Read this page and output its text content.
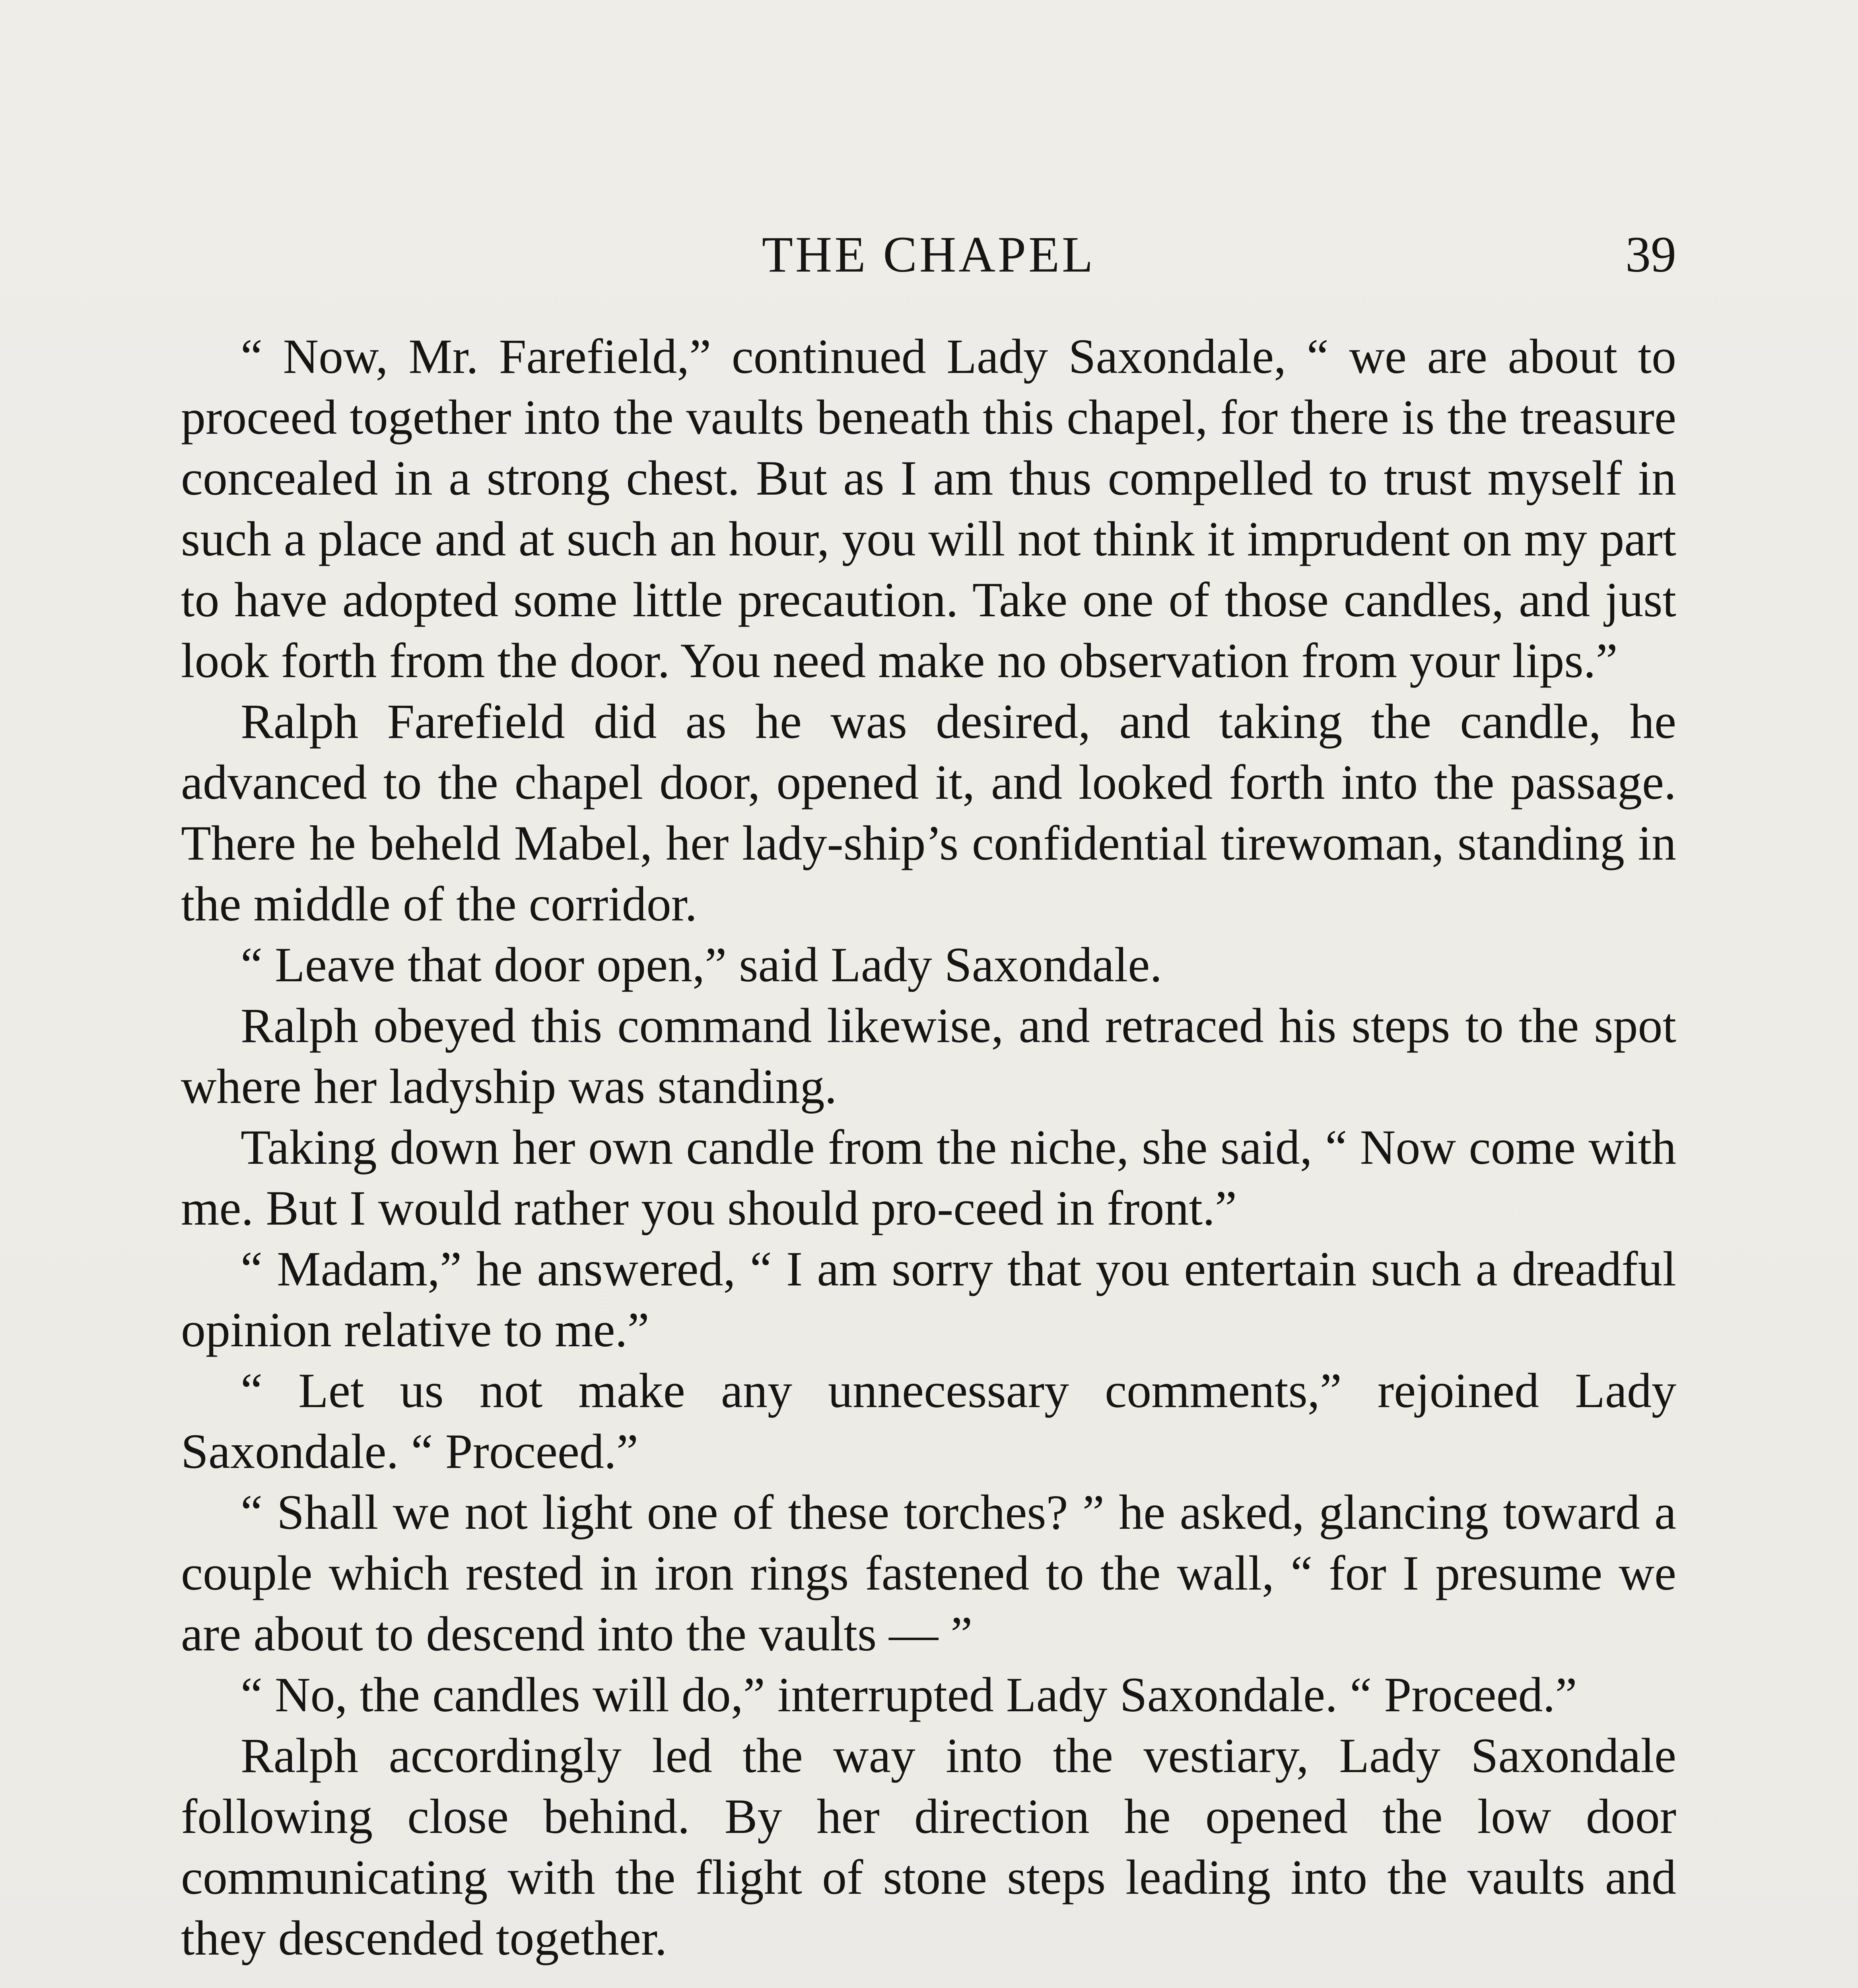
THE CHAPEL	39

“ Now, Mr. Farefield,” continued Lady Saxondale, “ we are about to proceed together into the vaults beneath this chapel, for there is the treasure concealed in a strong chest. But as I am thus compelled to trust myself in such a place and at such an hour, you will not think it imprudent on my part to have adopted some little precaution. Take one of those candles, and just look forth from the door. You need make no observation from your lips.”

Ralph Farefield did as he was desired, and taking the candle, he advanced to the chapel door, opened it, and looked forth into the passage. There he beheld Mabel, her lady-ship’s confidential tirewoman, standing in the middle of the corridor.

“ Leave that door open,” said Lady Saxondale.

Ralph obeyed this command likewise, and retraced his steps to the spot where her ladyship was standing.

Taking down her own candle from the niche, she said, “ Now come with me. But I would rather you should pro-ceed in front.”

“ Madam,” he answered, “ I am sorry that you entertain such a dreadful opinion relative to me.”

“ Let us not make any unnecessary comments,” rejoined Lady Saxondale. “ Proceed.”

“ Shall we not light one of these torches? ” he asked, glancing toward a couple which rested in iron rings fastened to the wall, “ for I presume we are about to descend into the vaults — ”

“ No, the candles will do,” interrupted Lady Saxondale. “ Proceed.”

Ralph accordingly led the way into the vestiary, Lady Saxondale following close behind. By her direction he opened the low door communicating with the flight of stone steps leading into the vaults and they descended together.
